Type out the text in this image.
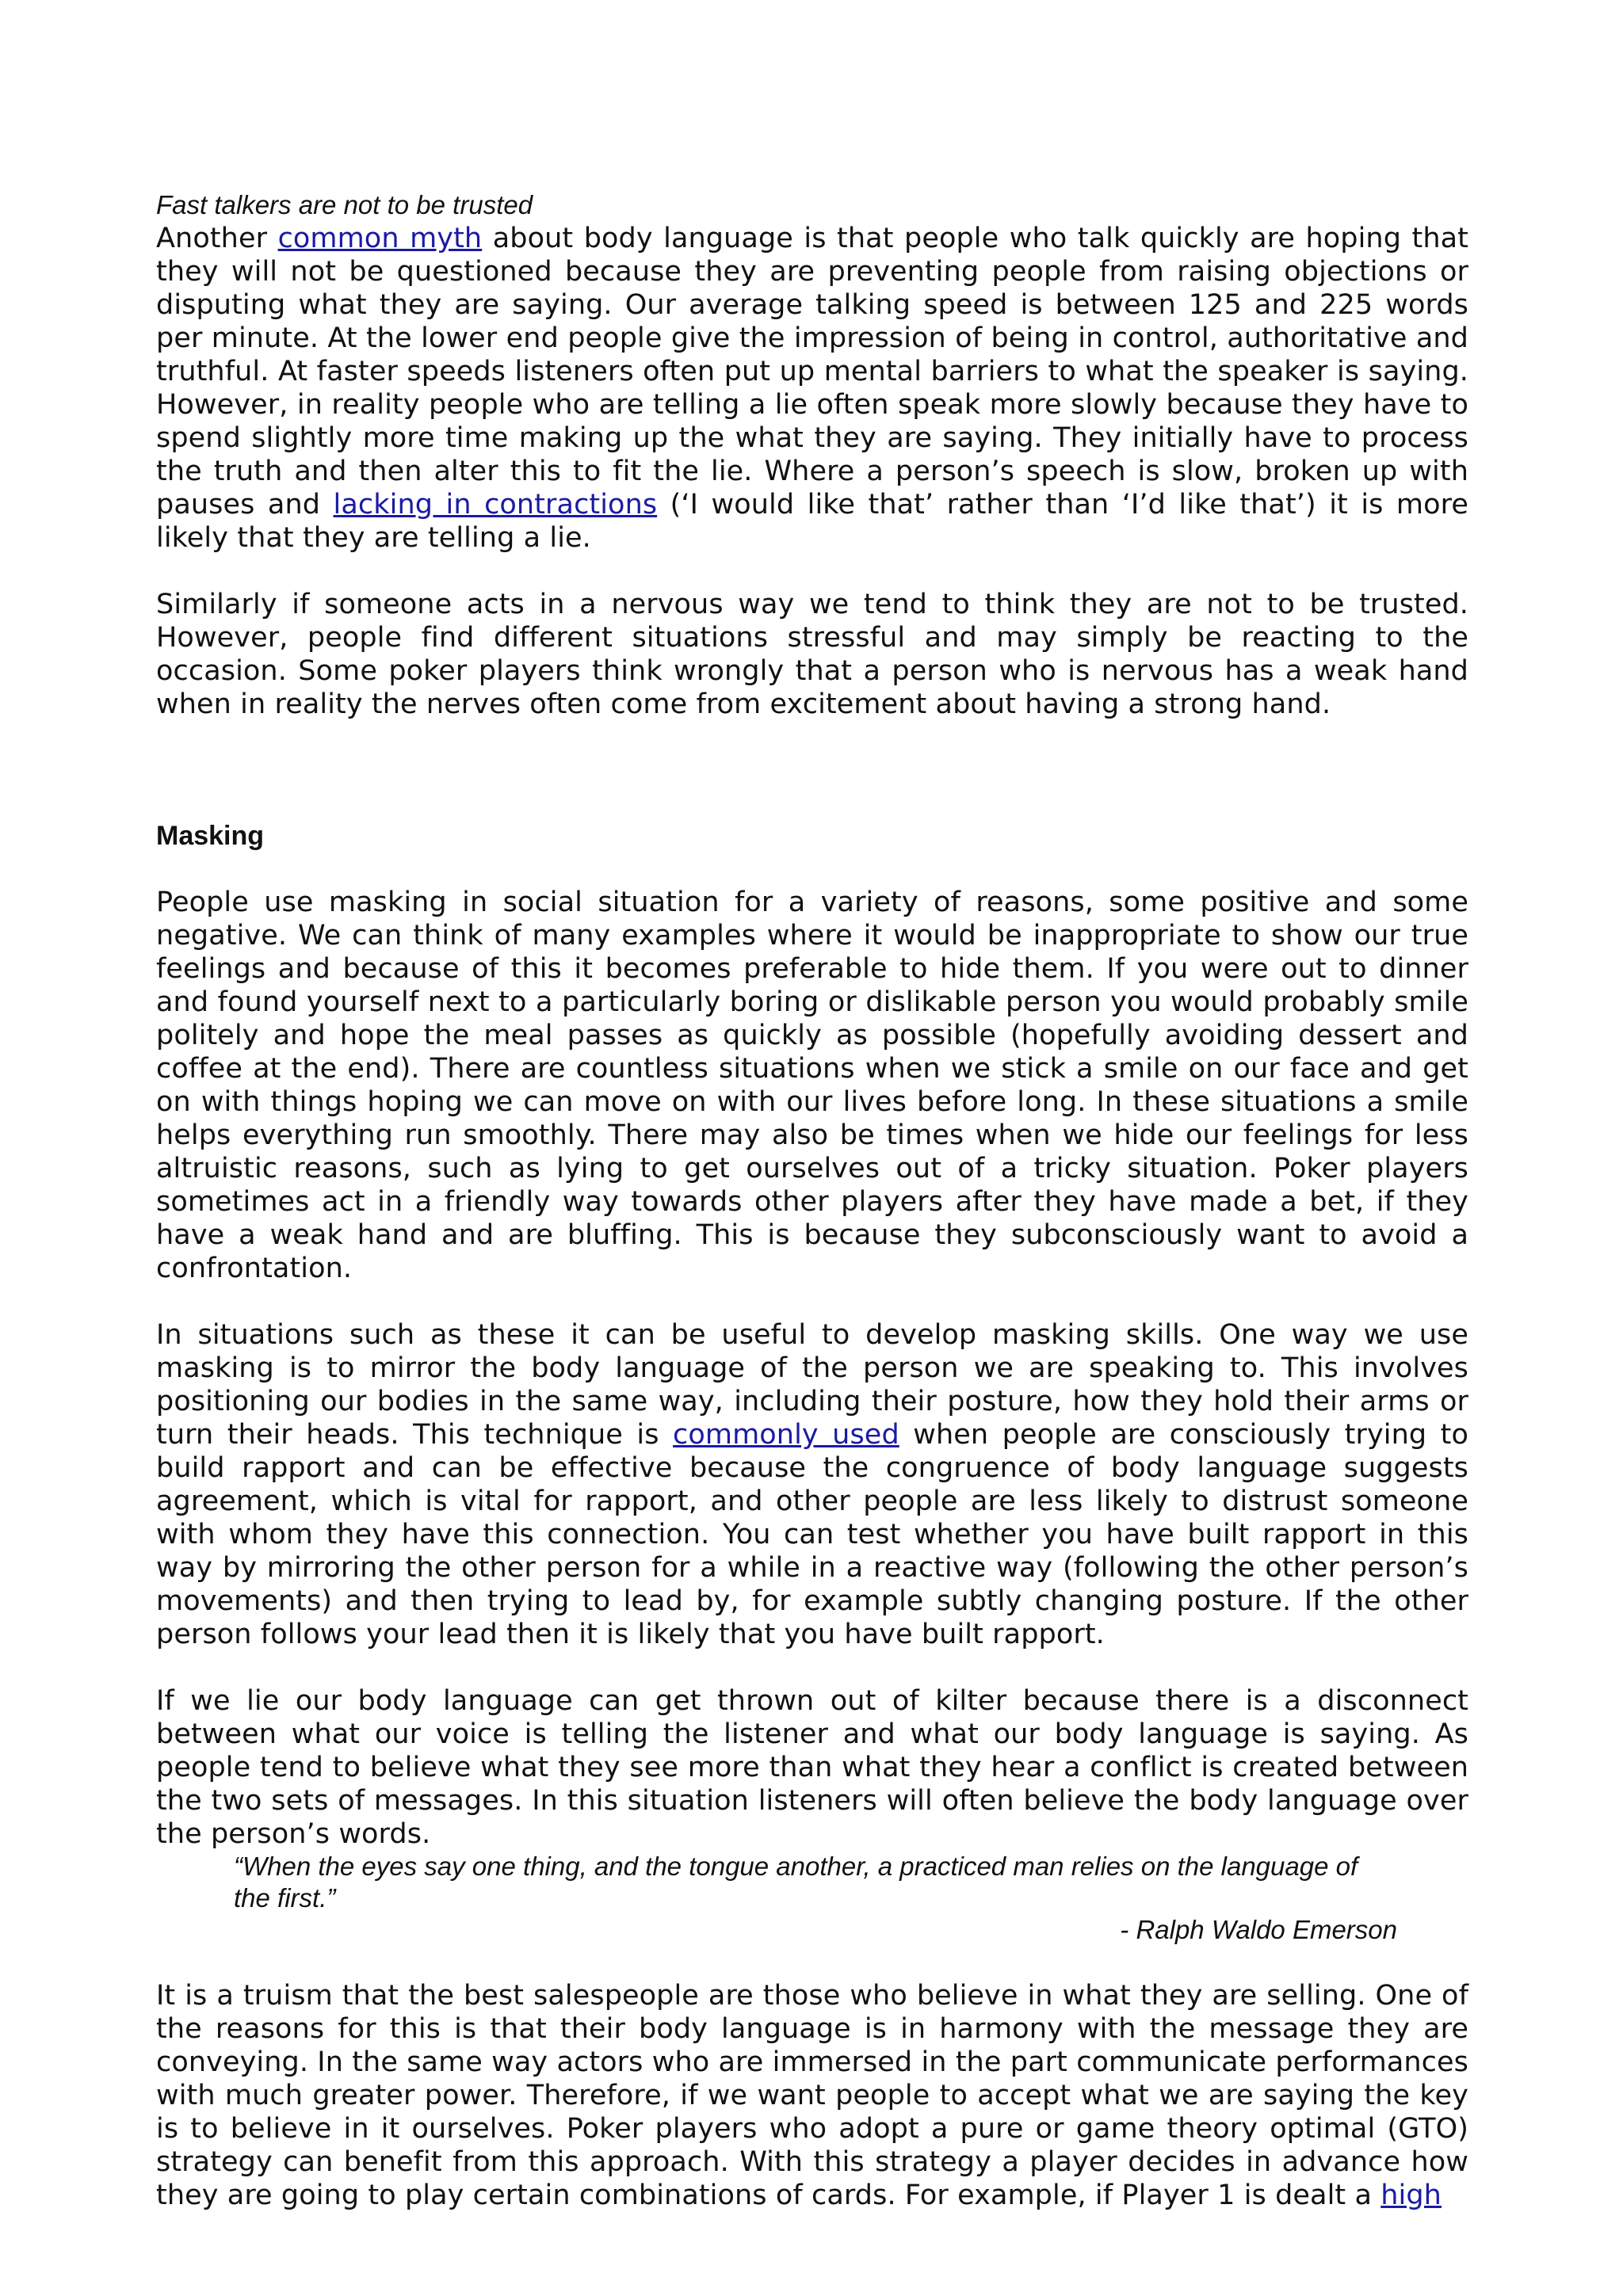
Fast talkers are not to be trusted

Another common myth about body language is that people who talk quickly are hoping that they will not be questioned because they are preventing people from raising objections or disputing what they are saying. Our average talking speed is between 125 and 225 words per minute. At the lower end people give the impression of being in control, authoritative and truthful. At faster speeds listeners often put up mental barriers to what the speaker is saying. However, in reality people who are telling a lie often speak more slowly because they have to spend slightly more time making up the what they are saying. They initially have to process the truth and then alter this to fit the lie. Where a person’s speech is slow, broken up with pauses and lacking in contractions (‘I would like that’ rather than ‘I’d like that’) it is more likely that they are telling a lie.

Similarly if someone acts in a nervous way we tend to think they are not to be trusted. However, people find different situations stressful and may simply be reacting to the occasion. Some poker players think wrongly that a person who is nervous has a weak hand when in reality the nerves often come from excitement about having a strong hand.

Masking

People use masking in social situation for a variety of reasons, some positive and some negative. We can think of many examples where it would be inappropriate to show our true feelings and because of this it becomes preferable to hide them. If you were out to dinner and found yourself next to a particularly boring or dislikable person you would probably smile politely and hope the meal passes as quickly as possible (hopefully avoiding dessert and coffee at the end). There are countless situations when we stick a smile on our face and get on with things hoping we can move on with our lives before long. In these situations a smile helps everything run smoothly. There may also be times when we hide our feelings for less altruistic reasons, such as lying to get ourselves out of a tricky situation. Poker players sometimes act in a friendly way towards other players after they have made a bet, if they have a weak hand and are bluffing. This is because they subconsciously want to avoid a confrontation.

In situations such as these it can be useful to develop masking skills. One way we use masking is to mirror the body language of the person we are speaking to. This involves positioning our bodies in the same way, including their posture, how they hold their arms or turn their heads. This technique is commonly used when people are consciously trying to build rapport and can be effective because the congruence of body language suggests agreement, which is vital for rapport, and other people are less likely to distrust someone with whom they have this connection. You can test whether you have built rapport in this way by mirroring the other person for a while in a reactive way (following the other person’s movements) and then trying to lead by, for example subtly changing posture. If the other person follows your lead then it is likely that you have built rapport.

If we lie our body language can get thrown out of kilter because there is a disconnect between what our voice is telling the listener and what our body language is saying. As people tend to believe what they see more than what they hear a conflict is created between the two sets of messages. In this situation listeners will often believe the body language over the person’s words.

“When the eyes say one thing, and the tongue another, a practiced man relies on the language of the first.”

- Ralph Waldo Emerson

It is a truism that the best salespeople are those who believe in what they are selling. One of the reasons for this is that their body language is in harmony with the message they are conveying. In the same way actors who are immersed in the part communicate performances with much greater power. Therefore, if we want people to accept what we are saying the key is to believe in it ourselves. Poker players who adopt a pure or game theory optimal (GTO) strategy can benefit from this approach. With this strategy a player decides in advance how they are going to play certain combinations of cards. For example, if Player 1 is dealt a high
